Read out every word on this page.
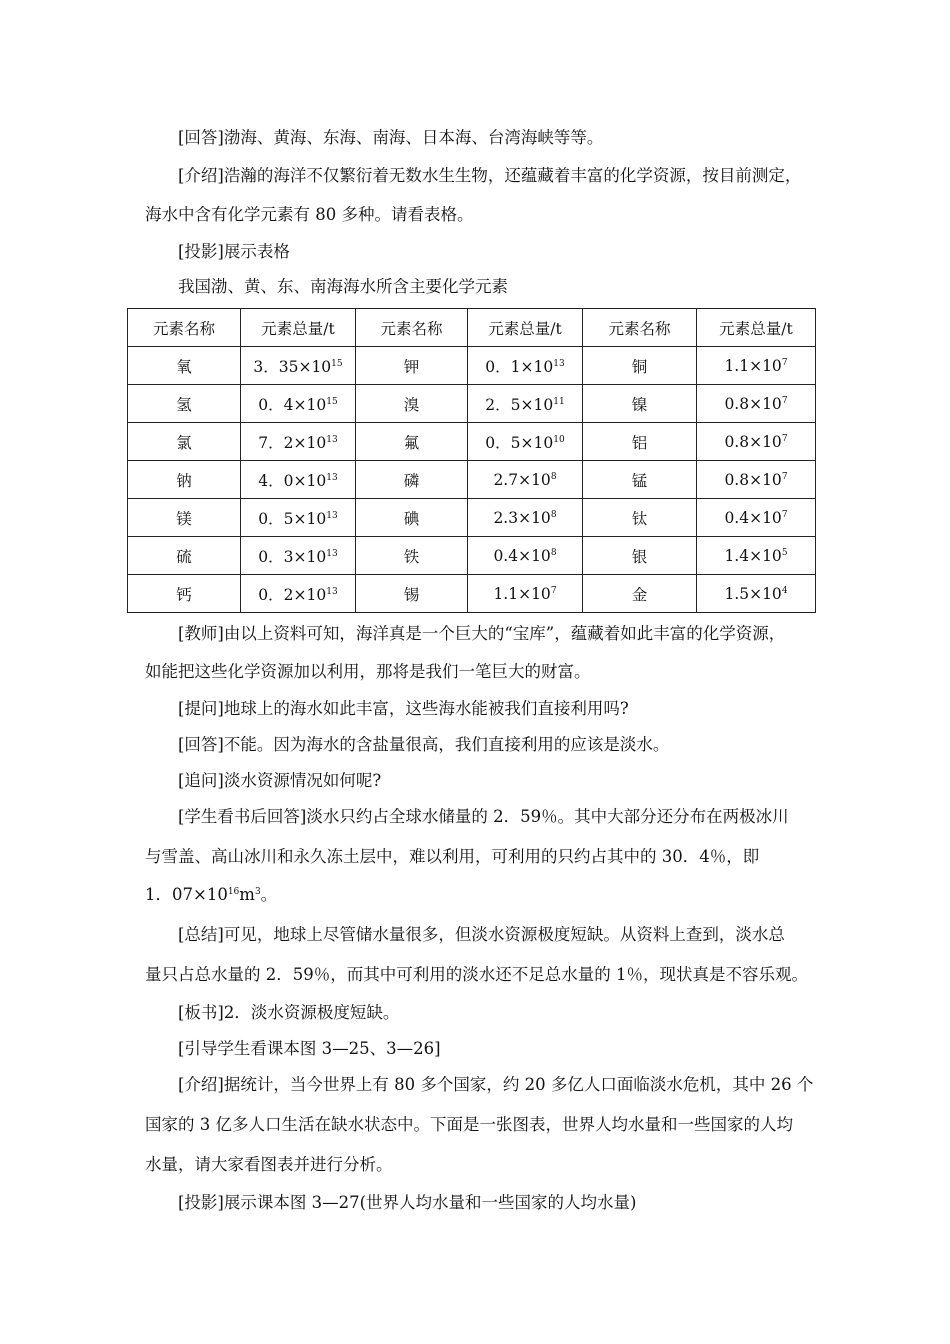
[回答]渤海、黄海、东海、南海、日本海、台湾海峡等等。
[介绍]浩瀚的海洋不仅繁衍着无数水生生物，还蕴藏着丰富的化学资源，按目前测定，
海水中含有化学元素有 80 多种。请看表格。
[投影]展示表格
我国渤、黄、东、南海海水所含主要化学元素
元素名称	元素总量/t	元素名称	元素总量/t	元素名称	元素总量/t
氧	3．$35\times 10^{15}$	钾	0．$1\times 10^{13}$	铜	$1.1\times 10^7$
氢	0．$4\times 10^{15}$	溴	2．$5\times 10^{11}$	镍	$0.8\times 10^7$
氯	7．$2\times 10^{13}$	氟	0．$5\times 10^{10}$	铝	$0.8\times 10^7$
钠	4．$0\times 10^{13}$	磷	$2.7\times 10^8$	锰	$0.8\times 10^7$
镁	0．$5\times 10^{13}$	碘	$2.3\times 10^8$	钛	$0.4\times 10^7$
硫	0．$3\times 10^{13}$	铁	$0.4\times 10^8$	银	$1.4\times 10^5$
钙	0．$2\times 10^{13}$	锡	$1.1\times 10^7$	金	$1.5\times 10^4$
[教师]由以上资料可知，海洋真是一个巨大的“宝库”，蕴藏着如此丰富的化学资源，
如能把这些化学资源加以利用，那将是我们一笔巨大的财富。
[提问]地球上的海水如此丰富，这些海水能被我们直接利用吗?
[回答]不能。因为海水的含盐量很高，我们直接利用的应该是淡水。
[追问]淡水资源情况如何呢?
[学生看书后回答]淡水只约占全球水储量的 2．59％。其中大部分还分布在两极冰川
与雪盖、高山冰川和永久冻土层中，难以利用，可利用的只约占其中的 30．4％，即
1．$07\times 10^{16}m^3$。
[总结]可见，地球上尽管储水量很多，但淡水资源极度短缺。从资料上查到，淡水总
量只占总水量的 2．59％，而其中可利用的淡水还不足总水量的 1％，现状真是不容乐观。
[板书]2．淡水资源极度短缺。
[引导学生看课本图 3—25、3—26]
[介绍]据统计，当今世界上有 80 多个国家，约 20 多亿人口面临淡水危机，其中 26 个
国家的 3 亿多人口生活在缺水状态中。下面是一张图表，世界人均水量和一些国家的人均
水量，请大家看图表并进行分析。
[投影]展示课本图 3—27(世界人均水量和一些国家的人均水量)
